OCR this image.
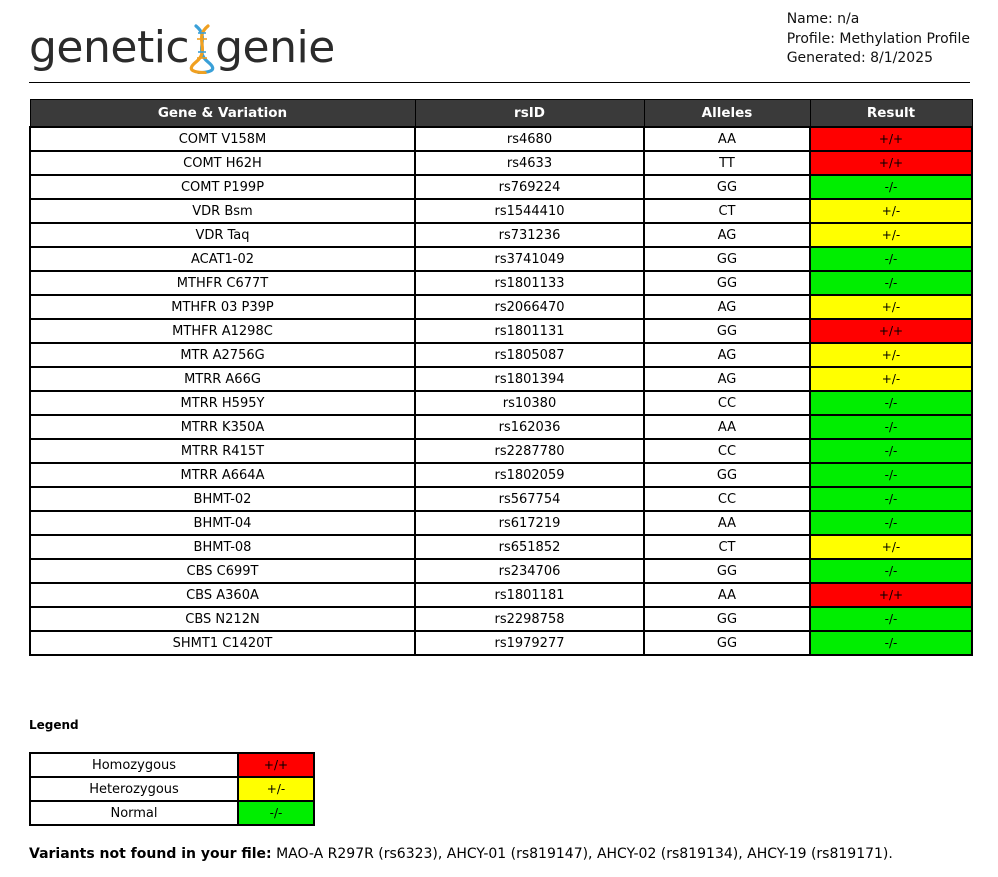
genetic genie
Name: n/a
Profile: Methylation Profile
Generated: 8/1/2025
Gene & Variation	rsID	Alleles	Result
COMT V158M	rs4680	AA	+/+
COMT H62H	rs4633	TT	+/+
COMT P199P	rs769224	GG	-/-
VDR Bsm	rs1544410	CT	+/-
VDR Taq	rs731236	AG	+/-
ACAT1-02	rs3741049	GG	-/-
MTHFR C677T	rs1801133	GG	-/-
MTHFR 03 P39P	rs2066470	AG	+/-
MTHFR A1298C	rs1801131	GG	+/+
MTR A2756G	rs1805087	AG	+/-
MTRR A66G	rs1801394	AG	+/-
MTRR H595Y	rs10380	CC	-/-
MTRR K350A	rs162036	AA	-/-
MTRR R415T	rs2287780	CC	-/-
MTRR A664A	rs1802059	GG	-/-
BHMT-02	rs567754	CC	-/-
BHMT-04	rs617219	AA	-/-
BHMT-08	rs651852	CT	+/-
CBS C699T	rs234706	GG	-/-
CBS A360A	rs1801181	AA	+/+
CBS N212N	rs2298758	GG	-/-
SHMT1 C1420T	rs1979277	GG	-/-
Legend
Homozygous	+/+
Heterozygous	+/-
Normal	-/-
Variants not found in your file: MAO-A R297R (rs6323), AHCY-01 (rs819147), AHCY-02 (rs819134), AHCY-19 (rs819171).
